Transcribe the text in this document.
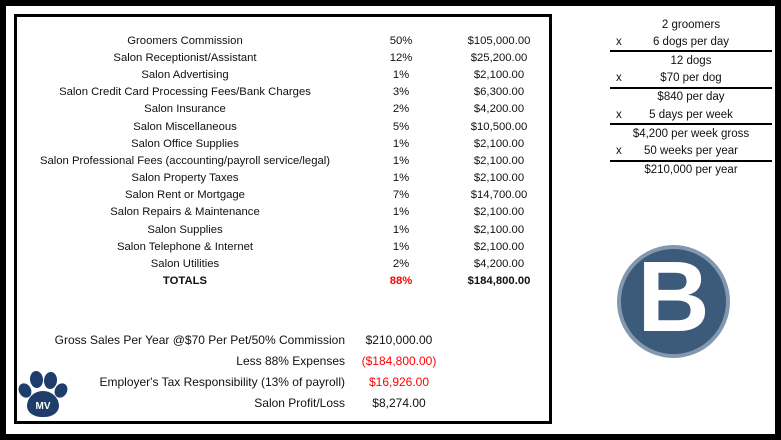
Groomers Commission	50%	$105,000.00
Salon Receptionist/Assistant	12%	$25,200.00
Salon Advertising	1%	$2,100.00
Salon Credit Card Processing Fees/Bank Charges	3%	$6,300.00
Salon Insurance	2%	$4,200.00
Salon Miscellaneous	5%	$10,500.00
Salon Office Supplies	1%	$2,100.00
Salon Professional Fees (accounting/payroll service/legal)	1%	$2,100.00
Salon Property Taxes	1%	$2,100.00
Salon Rent or Mortgage	7%	$14,700.00
Salon Repairs & Maintenance	1%	$2,100.00
Salon Supplies	1%	$2,100.00
Salon Telephone & Internet	1%	$2,100.00
Salon Utilities	2%	$4,200.00
TOTALS	88%	$184,800.00
Gross Sales Per Year @$70 Per Pet/50% Commission	$210,000.00
Less 88% Expenses	($184,800.00)
Employer's Tax Responsibility (13% of payroll)	$16,926.00
Salon Profit/Loss	$8,274.00
2 groomers
x	6 dogs per day
12 dogs
x	$70 per dog
$840 per day
x 5 days per week
$4,200 per week gross
x 50 weeks per year
$210,000 per year
B
MV
